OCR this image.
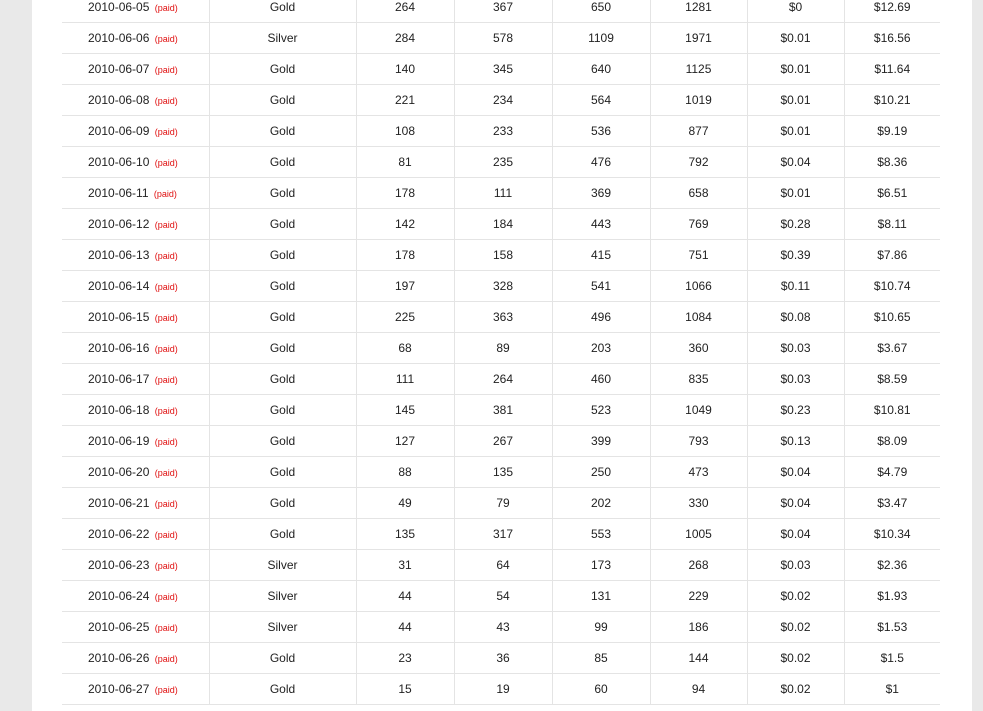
2010-06-05 (paid)	Gold	264	367	650	1281	$0	$12.69
2010-06-06 (paid)	Silver	284	578	1109	1971	$0.01	$16.56
2010-06-07 (paid)	Gold	140	345	640	1125	$0.01	$11.64
2010-06-08 (paid)	Gold	221	234	564	1019	$0.01	$10.21
2010-06-09 (paid)	Gold	108	233	536	877	$0.01	$9.19
2010-06-10 (paid)	Gold	81	235	476	792	$0.04	$8.36
2010-06-11 (paid)	Gold	178	111	369	658	$0.01	$6.51
2010-06-12 (paid)	Gold	142	184	443	769	$0.28	$8.11
2010-06-13 (paid)	Gold	178	158	415	751	$0.39	$7.86
2010-06-14 (paid)	Gold	197	328	541	1066	$0.11	$10.74
2010-06-15 (paid)	Gold	225	363	496	1084	$0.08	$10.65
2010-06-16 (paid)	Gold	68	89	203	360	$0.03	$3.67
2010-06-17 (paid)	Gold	111	264	460	835	$0.03	$8.59
2010-06-18 (paid)	Gold	145	381	523	1049	$0.23	$10.81
2010-06-19 (paid)	Gold	127	267	399	793	$0.13	$8.09
2010-06-20 (paid)	Gold	88	135	250	473	$0.04	$4.79
2010-06-21 (paid)	Gold	49	79	202	330	$0.04	$3.47
2010-06-22 (paid)	Gold	135	317	553	1005	$0.04	$10.34
2010-06-23 (paid)	Silver	31	64	173	268	$0.03	$2.36
2010-06-24 (paid)	Silver	44	54	131	229	$0.02	$1.93
2010-06-25 (paid)	Silver	44	43	99	186	$0.02	$1.53
2010-06-26 (paid)	Gold	23	36	85	144	$0.02	$1.5
2010-06-27 (paid)	Gold	15	19	60	94	$0.02	$1
